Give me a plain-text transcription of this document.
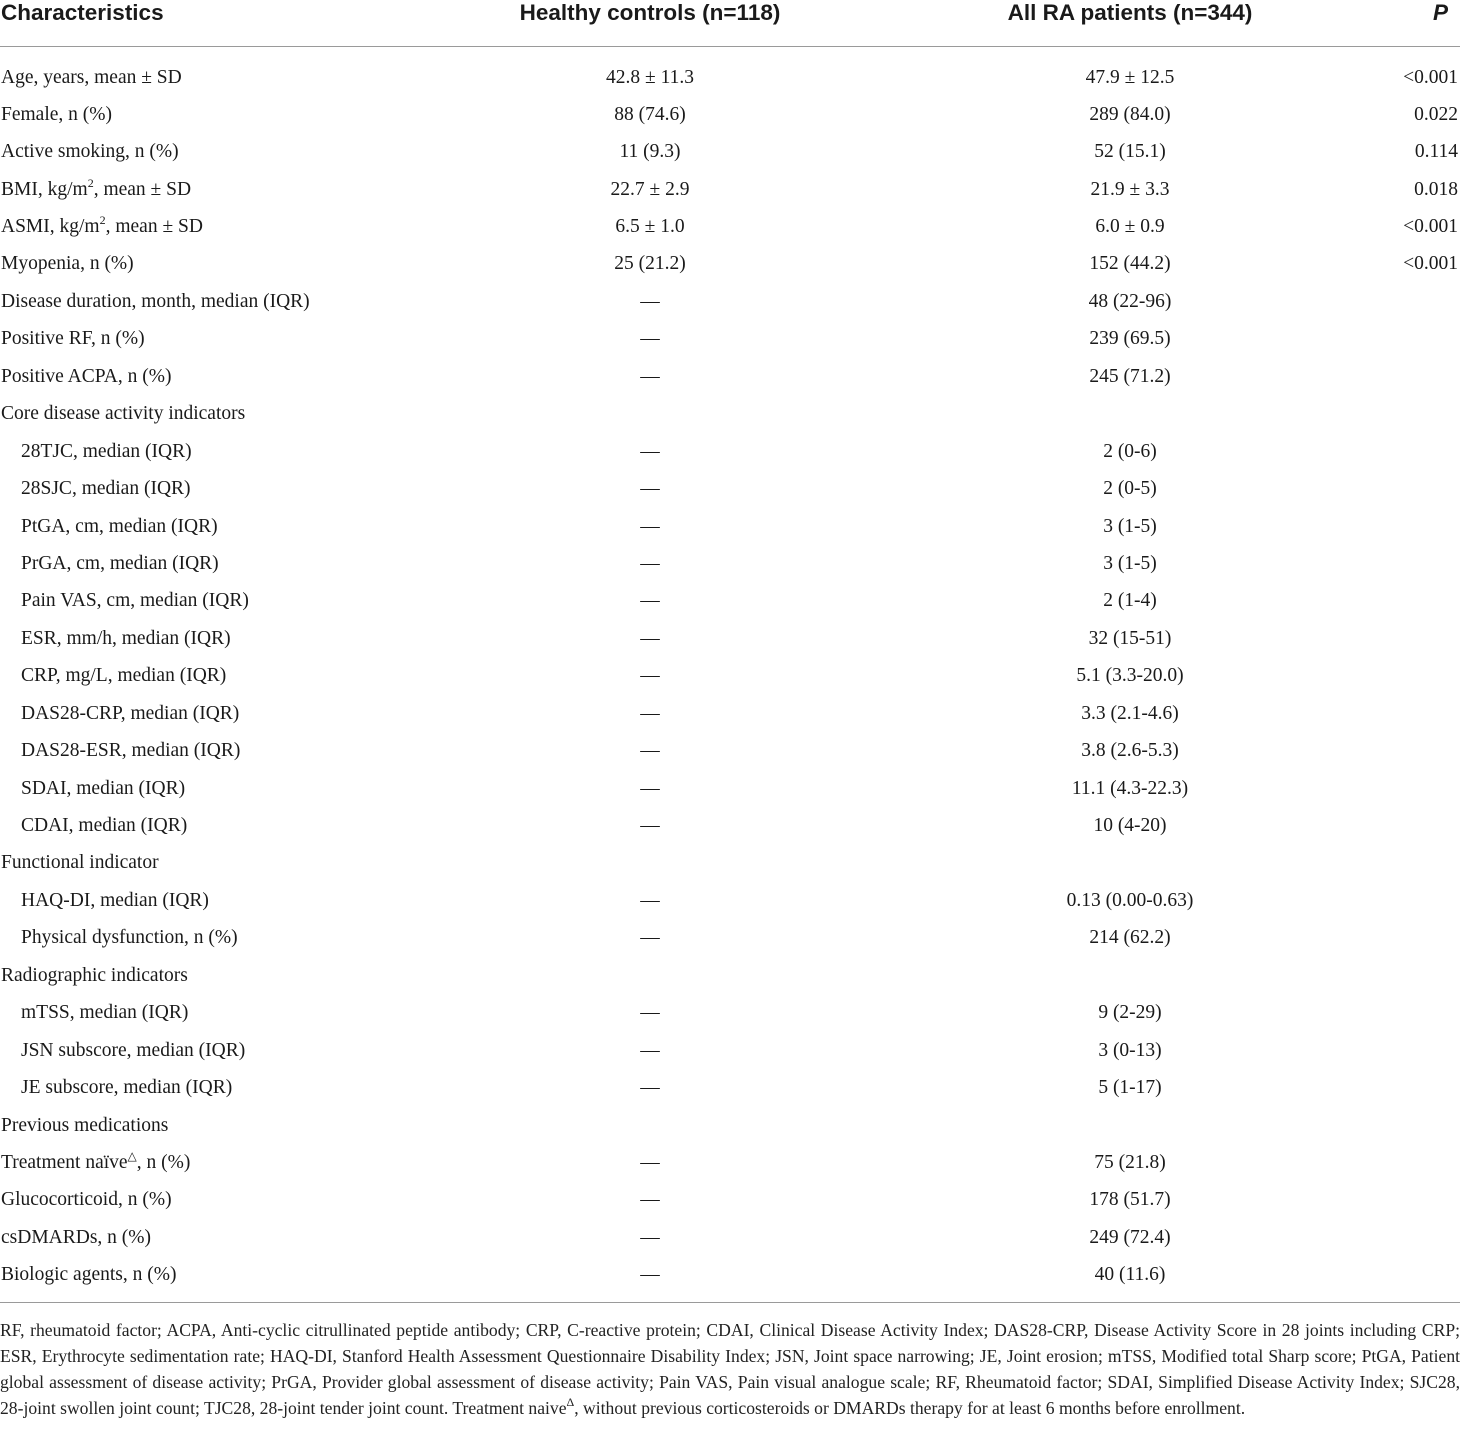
Characteristics	Healthy controls (n=118)	All RA patients (n=344)	P
Age, years, mean ± SD	42.8 ± 11.3	47.9 ± 12.5	<0.001
Female, n (%)	88 (74.6)	289 (84.0)	0.022
Active smoking, n (%)	11 (9.3)	52 (15.1)	0.114
BMI, $kg/m^2$, mean ± SD	22.7 ± 2.9	21.9 ± 3.3	0.018
ASMI, $kg/m^2$, mean ± SD	6.5 ± 1.0	6.0 ± 0.9	<0.001
Myopenia, n (%)	25 (21.2)	152 (44.2)	<0.001
Disease duration, month, median (IQR)	—	48 (22-96)	
Positive RF, n (%)	—	239 (69.5)	
Positive ACPA, n (%)	—	245 (71.2)	
Core disease activity indicators			
28TJC, median (IQR)	—	2 (0-6)	
28SJC, median (IQR)	—	2 (0-5)	
PtGA, cm, median (IQR)	—	3 (1-5)	
PrGA, cm, median (IQR)	—	3 (1-5)	
Pain VAS, cm, median (IQR)	—	2 (1-4)	
ESR, mm/h, median (IQR)	—	32 (15-51)	
CRP, mg/L, median (IQR)	—	5.1 (3.3-20.0)	
DAS28-CRP, median (IQR)	—	3.3 (2.1-4.6)	
DAS28-ESR, median (IQR)	—	3.8 (2.6-5.3)	
SDAI, median (IQR)	—	11.1 (4.3-22.3)	
CDAI, median (IQR)	—	10 (4-20)	
Functional indicator			
HAQ-DI, median (IQR)	—	0.13 (0.00-0.63)	
Physical dysfunction, n (%)	—	214 (62.2)	
Radiographic indicators			
mTSS, median (IQR)	—	9 (2-29)	
JSN subscore, median (IQR)	—	3 (0-13)	
JE subscore, median (IQR)	—	5 (1-17)	
Previous medications			
Treatment naïve△, n (%)	—	75 (21.8)	
Glucocorticoid, n (%)	—	178 (51.7)	
csDMARDs, n (%)	—	249 (72.4)	
Biologic agents, n (%)	—	40 (11.6)	
RF, rheumatoid factor; ACPA, Anti-cyclic citrullinated peptide antibody; CRP, C-reactive protein; CDAI, Clinical Disease Activity Index; DAS28-CRP, Disease Activity Score in 28 joints including CRP; ESR, Erythrocyte sedimentation rate; HAQ-DI, Stanford Health Assessment Questionnaire Disability Index; JSN, Joint space narrowing; JE, Joint erosion; mTSS, Modified total Sharp score; PtGA, Patient global assessment of disease activity; PrGA, Provider global assessment of disease activity; Pain VAS, Pain visual analogue scale; RF, Rheumatoid factor; SDAI, Simplified Disease Activity Index; SJC28, 28-joint swollen joint count; TJC28, 28-joint tender joint count. Treatment naive$^\Delta$, without previous corticosteroids or DMARDs therapy for at least 6 months before enrollment.
